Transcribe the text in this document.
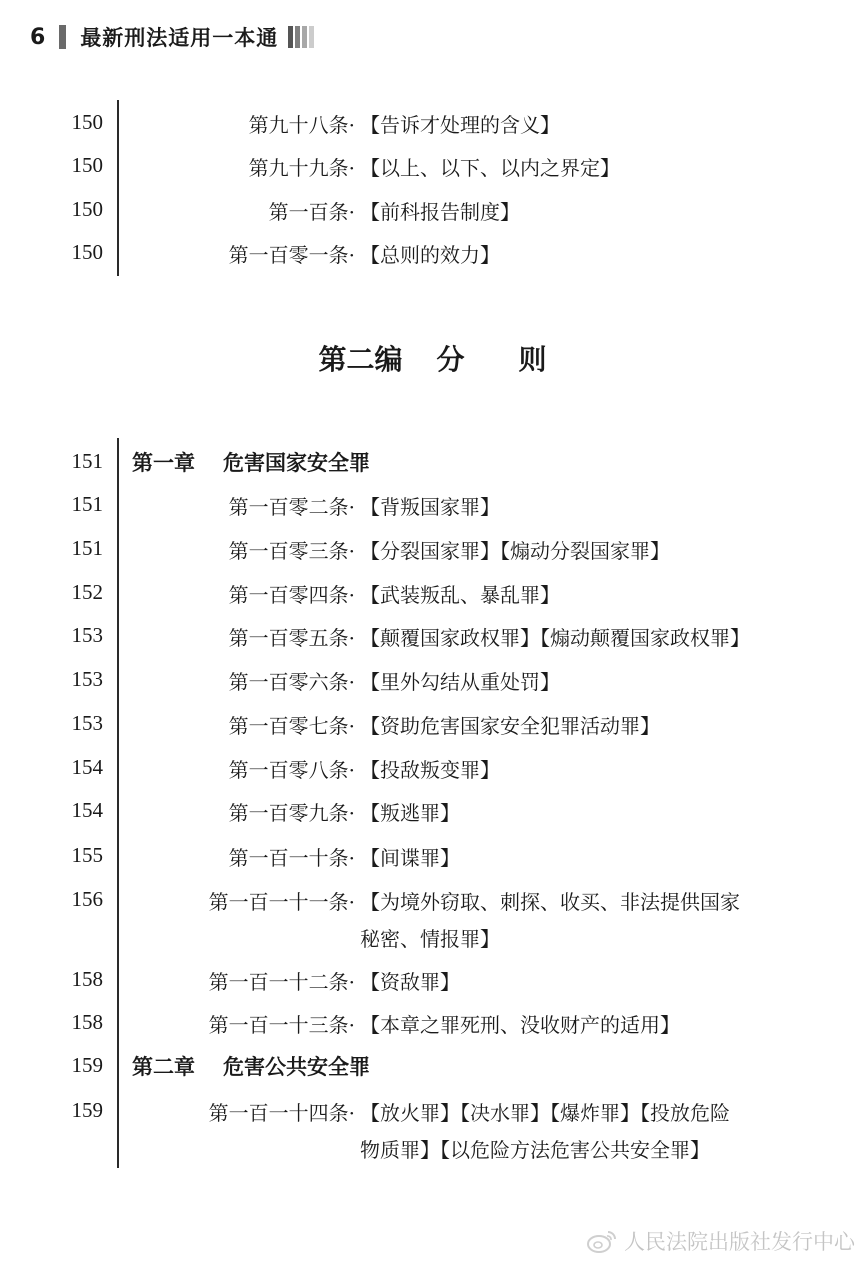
6 最新刑法适用一本通
150	第九十八条· 【告诉才处理的含义】
150	第九十九条· 【以上、以下、以内之界定】
150	第一百条· 【前科报告制度】
150	第一百零一条· 【总则的效力】
第二编 分 则
151 第一章 危害国家安全罪
151	第一百零二条· 【背叛国家罪】
151	第一百零三条· 【分裂国家罪】【煽动分裂国家罪】
152	第一百零四条· 【武装叛乱、暴乱罪】
153	第一百零五条· 【颠覆国家政权罪】【煽动颠覆国家政权罪】
153	第一百零六条· 【里外勾结从重处罚】
153	第一百零七条· 【资助危害国家安全犯罪活动罪】
154	第一百零八条· 【投敌叛变罪】
154	第一百零九条· 【叛逃罪】
155	第一百一十条· 【间谍罪】
156	第一百一十一条· 【为境外窃取、刺探、收买、非法提供国家
秘密、情报罪】
158	第一百一十二条· 【资敌罪】
158	第一百一十三条· 【本章之罪死刑、没收财产的适用】
159 第二章 危害公共安全罪
159	第一百一十四条· 【放火罪】【决水罪】【爆炸罪】【投放危险
物质罪】【以危险方法危害公共安全罪】
人民法院出版社发行中心
